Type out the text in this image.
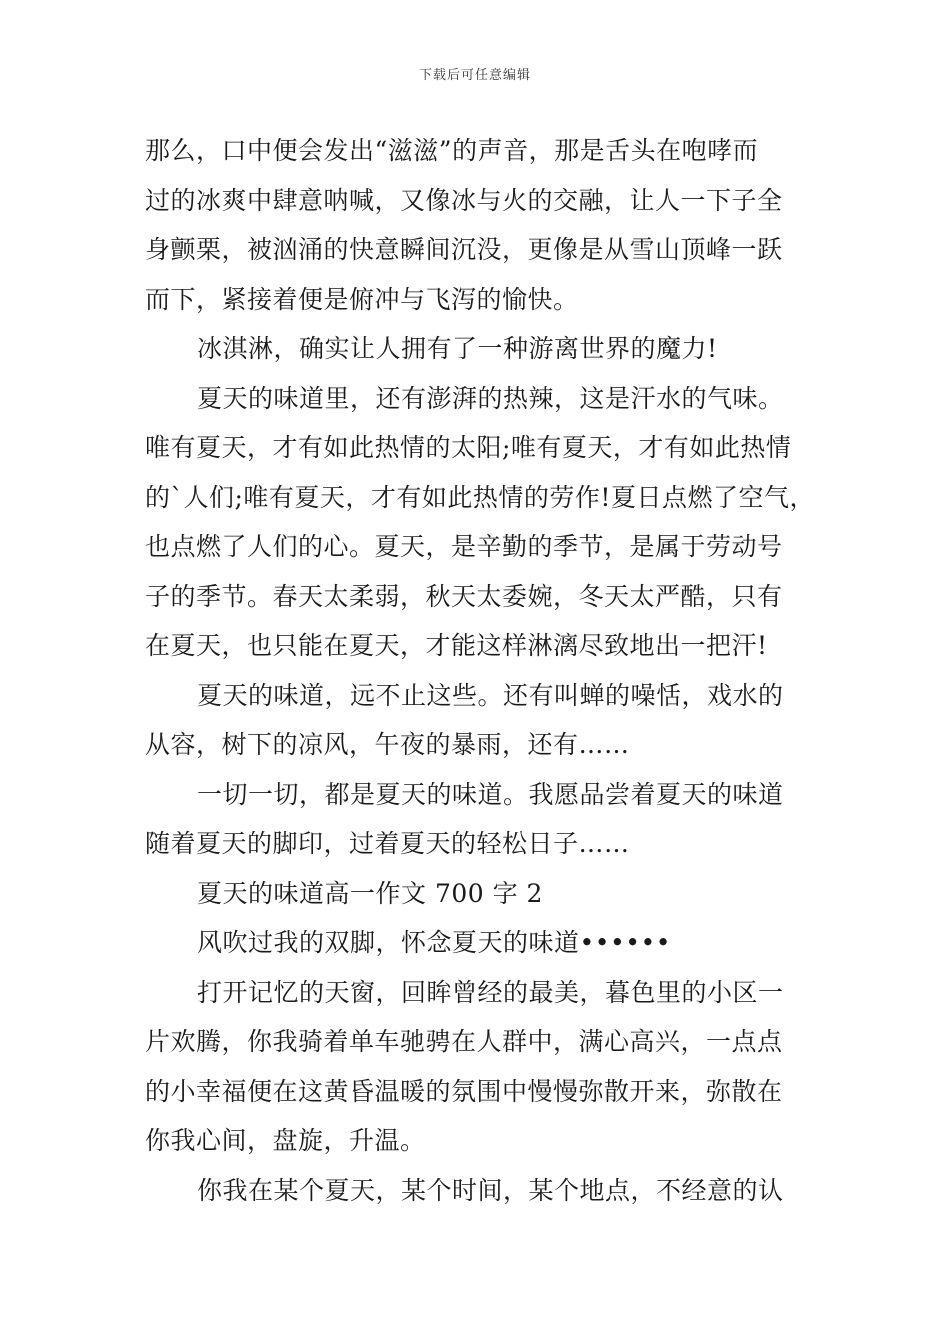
下载后可任意编辑
那么，口中便会发出“滋滋”的声音，那是舌头在咆哮而
过的冰爽中肆意呐喊，又像冰与火的交融，让人一下子全
身颤栗，被汹涌的快意瞬间沉没，更像是从雪山顶峰一跃
而下，紧接着便是俯冲与飞泻的愉快。
冰淇淋，确实让人拥有了一种游离世界的魔力!
夏天的味道里，还有澎湃的热辣，这是汗水的气味。
唯有夏天，才有如此热情的太阳;唯有夏天，才有如此热情
的`人们;唯有夏天，才有如此热情的劳作!夏日点燃了空气，
也点燃了人们的心。夏天，是辛勤的季节，是属于劳动号
子的季节。春天太柔弱，秋天太委婉，冬天太严酷，只有
在夏天，也只能在夏天，才能这样淋漓尽致地出一把汗!
夏天的味道，远不止这些。还有叫蝉的噪恬，戏水的
从容，树下的凉风，午夜的暴雨，还有……
一切一切，都是夏天的味道。我愿品尝着夏天的味道
随着夏天的脚印，过着夏天的轻松日子……
夏天的味道高一作文 700 字 2
风吹过我的双脚，怀念夏天的味道••••••
打开记忆的天窗，回眸曾经的最美，暮色里的小区一
片欢腾，你我骑着单车驰骋在人群中，满心高兴，一点点
的小幸福便在这黄昏温暖的氛围中慢慢弥散开来，弥散在
你我心间，盘旋，升温。
你我在某个夏天，某个时间，某个地点，不经意的认
